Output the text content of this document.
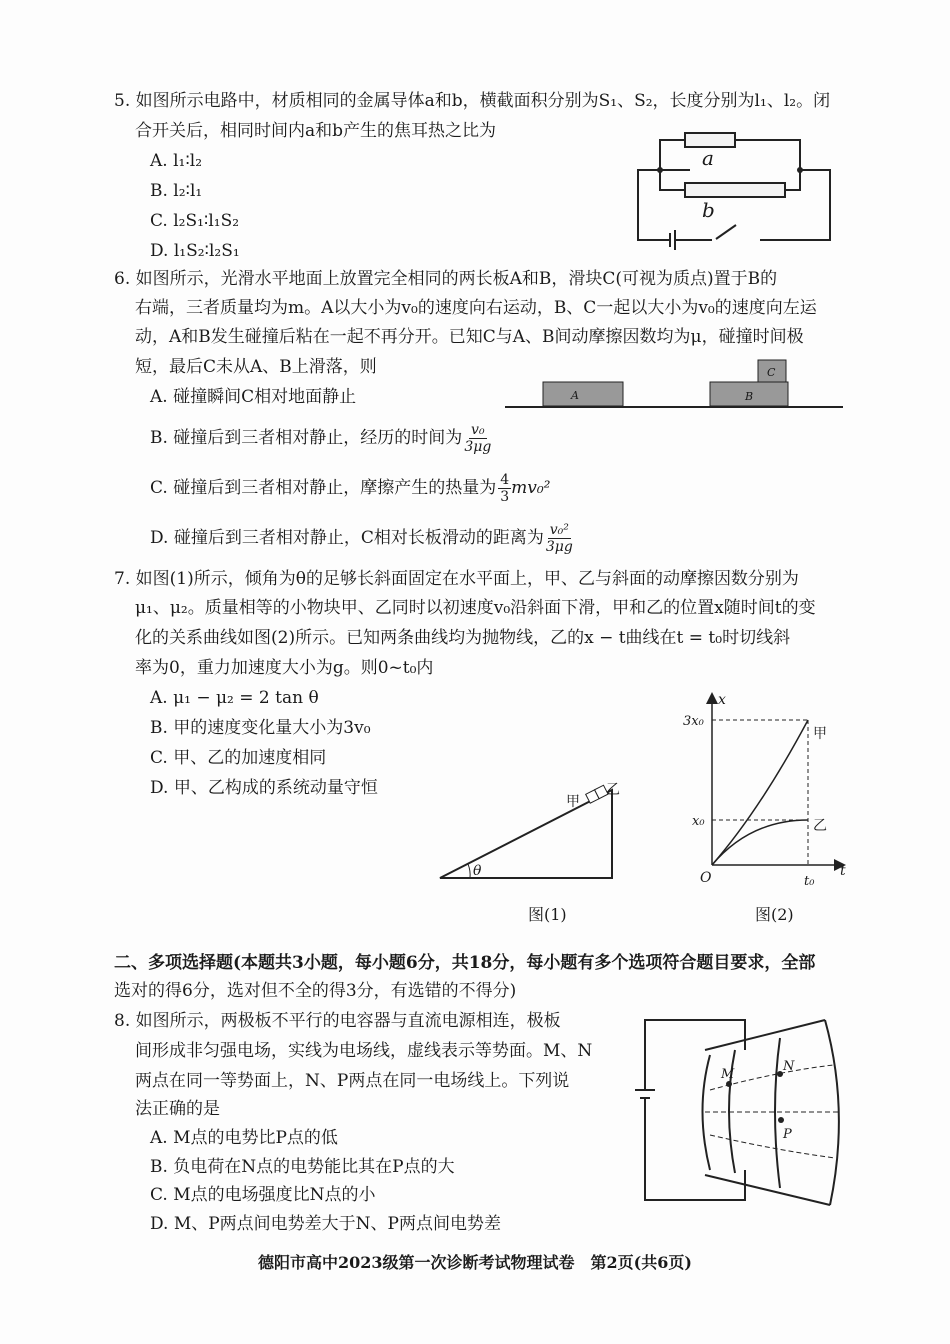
5. 如图所示电路中，材质相同的金属导体a和b，横截面积分别为S₁、S₂，长度分别为l₁、l₂。闭
合开关后，相同时间内a和b产生的焦耳热之比为
A. l₁∶l₂
B. l₂∶l₁
C. l₂S₁∶l₁S₂
D. l₁S₂∶l₂S₁
a
b
6. 如图所示，光滑水平地面上放置完全相同的两长板A和B，滑块C(可视为质点)置于B的
右端，三者质量均为m。A以大小为v₀的速度向右运动，B、C一起以大小为v₀的速度向左运
动，A和B发生碰撞后粘在一起不再分开。已知C与A、B间动摩擦因数均为μ，碰撞时间极
短，最后C未从A、B上滑落，则
A. 碰撞瞬间C相对地面静止
B. 碰撞后到三者相对静止，经历的时间为 $\frac{\text{v₀}}{3\mu g}$
C. 碰撞后到三者相对静止，摩擦产生的热量为 $\frac{4}{3} mv_0^2$
D. 碰撞后到三者相对静止，C相对长板滑动的距离为 $\frac{\text{v₀²}}{3\mu g}$
A	B
C
7. 如图(1)所示，倾角为θ的足够长斜面固定在水平面上，甲、乙与斜面的动摩擦因数分别为
μ₁、μ₂。质量相等的小物块甲、乙同时以初速度v₀沿斜面下滑，甲和乙的位置x随时间t的变
化的关系曲线如图(2)所示。已知两条曲线均为抛物线，乙的x − t曲线在t = t₀时切线斜
率为0，重力加速度大小为g。则0~t₀内
A. μ₁ − μ₂ = 2 tan θ
B. 甲的速度变化量大小为3v₀
C. 甲、乙的加速度相同
D. 甲、乙构成的系统动量守恒
θ
甲
乙
图(1)
x
t
O
3x₀
x₀
t₀
甲
乙
图(2)
二、多项选择题(本题共3小题，每小题6分，共18分，每小题有多个选项符合题目要求，全部
选对的得6分，选对但不全的得3分，有选错的不得分)
8. 如图所示，两极板不平行的电容器与直流电源相连，极板
间形成非匀强电场，实线为电场线，虚线表示等势面。M、N
两点在同一等势面上，N、P两点在同一电场线上。下列说
法正确的是
A. M点的电势比P点的低
B. 负电荷在N点的电势能比其在P点的大
C. M点的电场强度比N点的小
D. M、P两点间电势差大于N、P两点间电势差
M
N
P
德阳市高中2023级第一次诊断考试物理试卷　第2页(共6页)
